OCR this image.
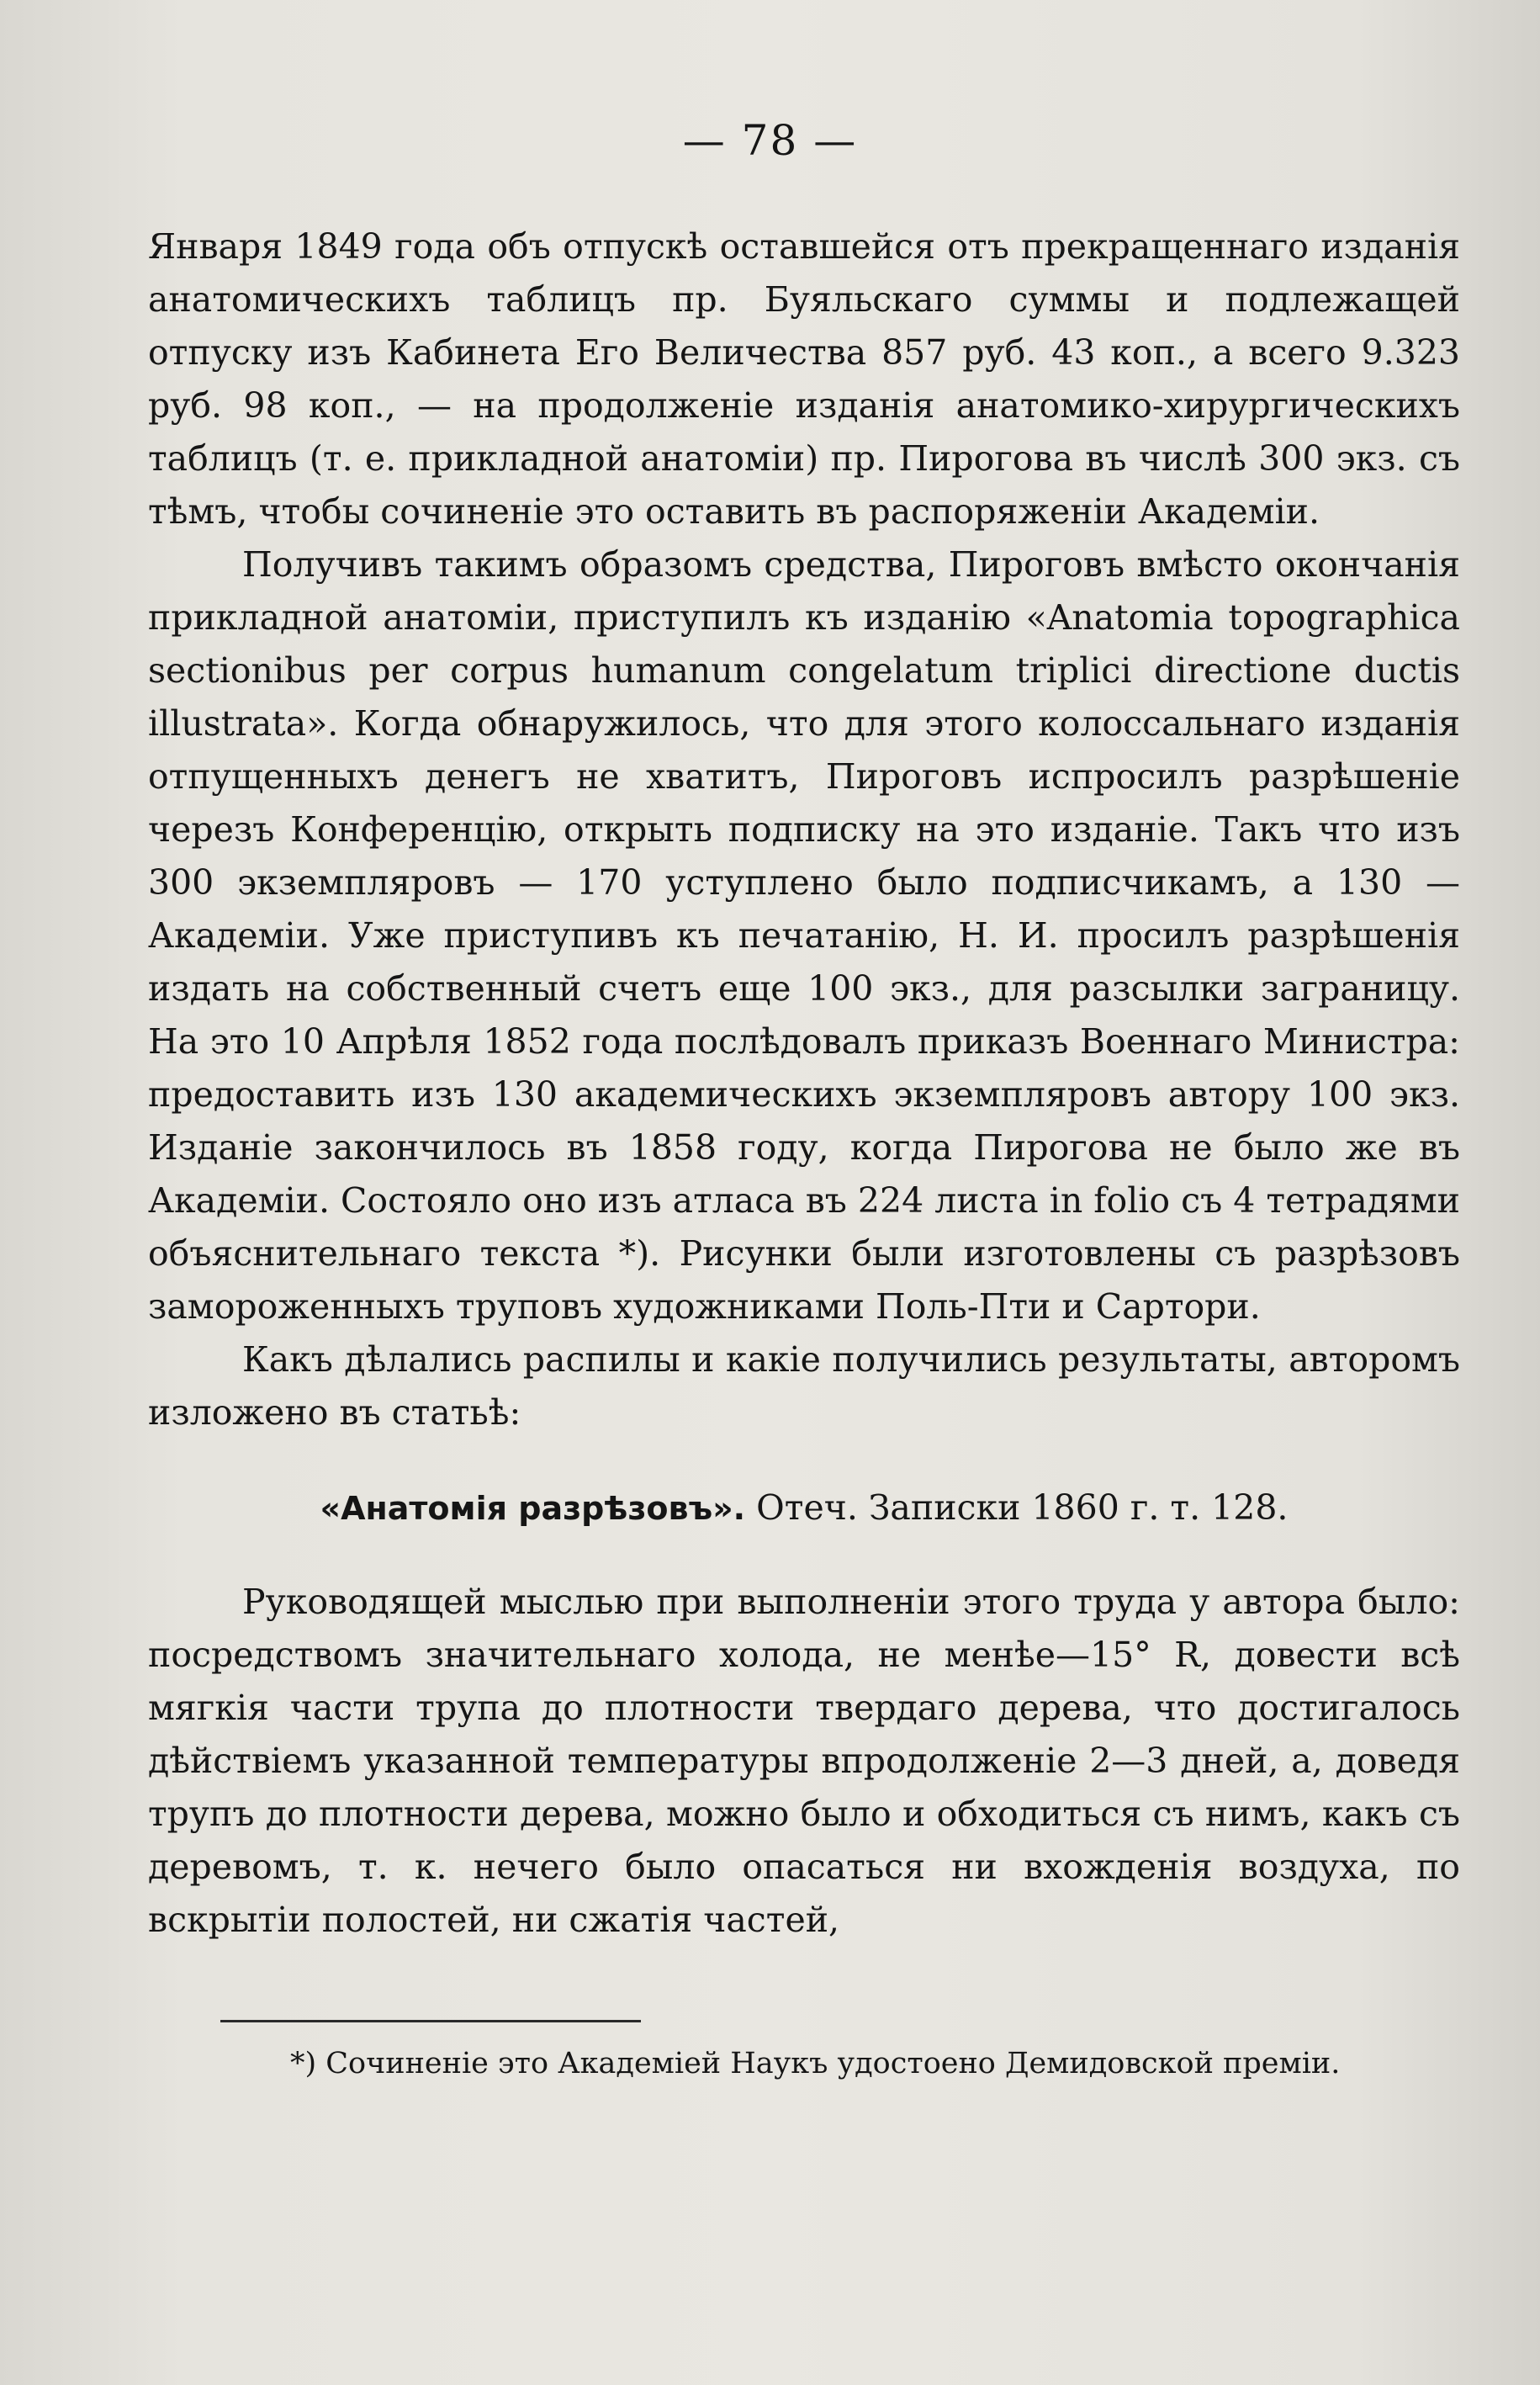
— 78 —

Января 1849 года объ отпускѣ оставшейся отъ прекращеннаго изданія анатомическихъ таблицъ пр. Буяльскаго суммы и подлежащей отпуску изъ Кабинета Его Величества 857 руб. 43 коп., а всего 9.323 руб. 98 коп., — на продолженіе изданія анатомико-хирургическихъ таблицъ (т. е. прикладной анатоміи) пр. Пирогова въ числѣ 300 экз. съ тѣмъ, чтобы сочиненіе это оставить въ распоряженіи Академіи.

Получивъ такимъ образомъ средства, Пироговъ вмѣсто окончанія прикладной анатоміи, приступилъ къ изданію «Anatomia topographica sectionibus per corpus humanum congelatum triplici directione ductis illustrata». Когда обнаружилось, что для этого колоссальнаго изданія отпущенныхъ денегъ не хватитъ, Пироговъ испросилъ разрѣшеніе черезъ Конференцію, открыть подписку на это изданіе. Такъ что изъ 300 экземпляровъ — 170 уступлено было подписчикамъ, а 130 — Академіи. Уже приступивъ къ печатанію, Н. И. просилъ разрѣшенія издать на собственный счетъ еще 100 экз., для разсылки заграницу. На это 10 Апрѣля 1852 года послѣдовалъ приказъ Военнаго Министра: предоставить изъ 130 академическихъ экземпляровъ автору 100 экз. Изданіе закончилось въ 1858 году, когда Пирогова не было же въ Академіи. Состояло оно изъ атласа въ 224 листа in folio съ 4 тетрадями объяснительнаго текста *). Рисунки были изготовлены съ разрѣзовъ замороженныхъ труповъ художниками Поль-Пти и Сартори.

Какъ дѣлались распилы и какіе получились результаты, авторомъ изложено въ статьѣ:

«Анатомія разрѣзовъ». Отеч. Записки 1860 г. т. 128.

Руководящей мыслью при выполненіи этого труда у автора было: посредствомъ значительнаго холода, не менѣе—15° R, довести всѣ мягкія части трупа до плотности твердаго дерева, что достигалось дѣйствіемъ указанной температуры впродолженіе 2—3 дней, а, доведя трупъ до плотности дерева, можно было и обходиться съ нимъ, какъ съ деревомъ, т. к. нечего было опасаться ни вхожденія воздуха, по вскрытіи полостей, ни сжатія частей,

*) Сочиненіе это Академіей Наукъ удостоено Демидовской преміи.
